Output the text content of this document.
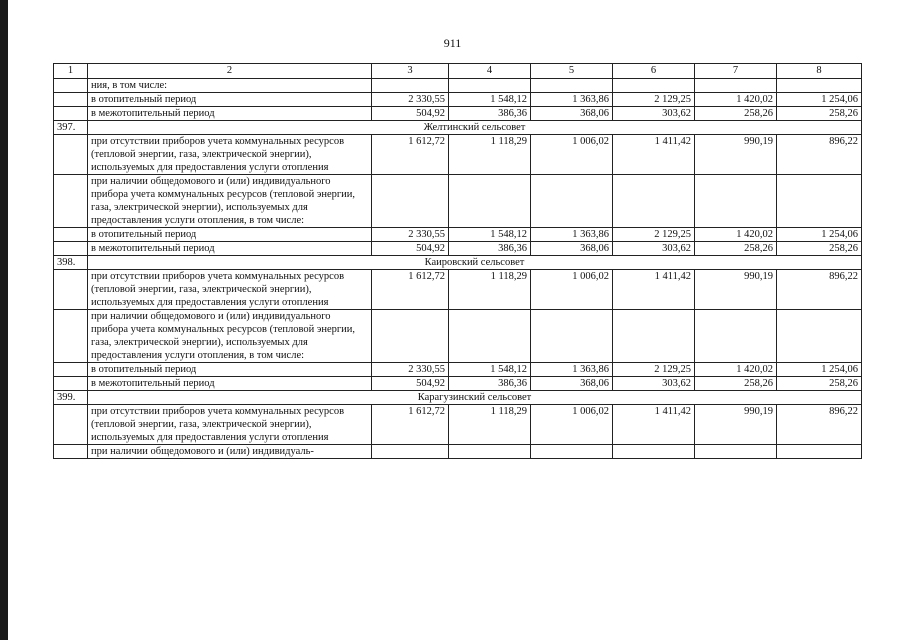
911
1	2	3	4	5	6	7	8
	ния, в том числе:						
	в отопительный период	2 330,55	1 548,12	1 363,86	2 129,25	1 420,02	1 254,06
	в межотопительный период	504,92	386,36	368,06	303,62	258,26	258,26
397.	Желтинский сельсовет						
	при отсутствии приборов учета коммунальных ресурсов (тепловой энергии, газа, электрической энергии), используемых для предоставления услуги отопления	1 612,72	1 118,29	1 006,02	1 411,42	990,19	896,22
	при наличии общедомового и (или) индивидуального прибора учета коммунальных ресурсов (тепловой энергии, газа, электрической энергии), используемых для предоставления услуги отопления, в том числе:						
	в отопительный период	2 330,55	1 548,12	1 363,86	2 129,25	1 420,02	1 254,06
	в межотопительный период	504,92	386,36	368,06	303,62	258,26	258,26
398.	Каировский сельсовет						
	при отсутствии приборов учета коммунальных ресурсов (тепловой энергии, газа, электрической энергии), используемых для предоставления услуги отопления	1 612,72	1 118,29	1 006,02	1 411,42	990,19	896,22
	при наличии общедомового и (или) индивидуального прибора учета коммунальных ресурсов (тепловой энергии, газа, электрической энергии), используемых для предоставления услуги отопления, в том числе:						
	в отопительный период	2 330,55	1 548,12	1 363,86	2 129,25	1 420,02	1 254,06
	в межотопительный период	504,92	386,36	368,06	303,62	258,26	258,26
399.	Карагузинский сельсовет						
	при отсутствии приборов учета коммунальных ресурсов (тепловой энергии, газа, электрической энергии), используемых для предоставления услуги отопления	1 612,72	1 118,29	1 006,02	1 411,42	990,19	896,22
	при наличии общедомового и (или) индивидуаль-						
